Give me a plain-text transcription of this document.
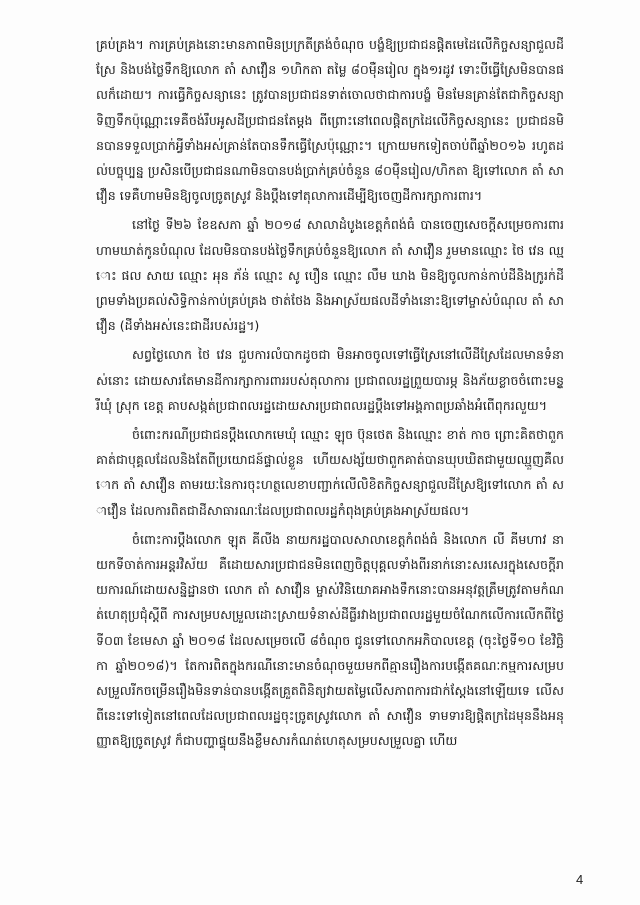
គ្រប់គ្រង។ ការគ្រប់គ្រងនោះមានភាពមិនប្រក្រតីត្រង់ចំណុច បង្ខំឱ្យប្រជាជនផ្តិតមេដៃលើកិច្ចសន្យាជួលដីស្រែ និងបង់ថ្លៃទឹកឱ្យលោក តាំ សាវឿន ១ហិកតា តម្លៃ ៨០ម៉ឺនរៀល ក្នុង១រដូវ ទោះបីធ្វើស្រែមិនបានផលក៏ដោយ។ ការធ្វើកិច្ចសន្យានេះ ត្រូវបានប្រជាជនទាត់ចោលថាជាការបង្ខំ មិនមែនគ្រាន់តែជាកិច្ចសន្យាទិញទឹកប៉ុណ្ណោះទេគឺចង់រឹបអូសដីប្រជាជនតែម្តង ពីព្រោះនៅពេលផ្តិតក្រដៃលើកិច្ចសន្យានេះ ប្រជាជនមិនបានទទួលប្រាក់អ្វីទាំងអស់គ្រាន់តែបានទឹកធ្វើស្រែប៉ុណ្ណោះ។ ក្រោយមកទៀតចាប់ពីឆ្នាំ២០១៦ រហូតដល់បច្ចុប្បន្ន ប្រសិនបើប្រជាជនណាមិនបានបង់ប្រាក់គ្រប់ចំនួន ៨០ម៉ឺនរៀល/ហិកតា ឱ្យទៅលោក តាំ សាវឿន ទេគឺហាមមិនឱ្យចូលច្រូតស្រូវ និងប្តឹងទៅតុលាការដើម្បីឱ្យចេញដីការក្សាការពារ។

នៅថ្ងៃ ទី២៦ ខែឧសភា ឆ្នាំ ២០១៨ សាលាដំបូងខេត្តកំពង់ធំ បានចេញសេចក្តីសម្រេចការពារហាមឃាត់កូនបំណុល ដែលមិនបានបង់ថ្លៃទឹកគ្រប់ចំនួនឱ្យលោក តាំ សាវឿន រួមមានឈ្មោះ ថៃ វេន ឈ្មោះ ផល សាយ ឈ្មោះ អុន ភ័ន់ ឈ្មោះ សូ បឿន ឈ្មោះ លឹម ឃាង មិនឱ្យចូលកាន់កាប់ដីនិងក្រូរក់ដី ព្រមទាំងប្រគល់សិទ្ធិកាន់កាប់គ្រប់គ្រង ថាត់ថែង និងអាស្រ័យផលដីទាំងនោះឱ្យទៅម្ចាស់បំណុល តាំ សាវឿន (ដីទាំងអស់នេះជាដីរបស់រដ្ឋ។)

សព្វថ្ងៃលោក ថៃ វេន ជួបការលំបាកដូចជា មិនអាចចូលទៅធ្វើស្រែនៅលើដីស្រែដែលមានទំនាស់នោះ ដោយសារតែមានដីការក្សាការពាររបស់តុលាការ ប្រជាពលរដ្ឋព្រួយបារម្ភ និងភ័យខ្លាចចំពោះមន្ត្រីឃុំ ស្រុក ខេត្ត គាបសង្កត់ប្រជាពលរដ្ឋដោយសារប្រជាពលរដ្ឋប្តឹងទៅអង្គភាពប្រឆាំងអំពើពុករលួយ។

ចំពោះករណីប្រជាជនប្តឹងលោកមេឃុំ ឈ្មោះ ឡុច ប៊ុនថេត និងឈ្មោះ ខាត់ កាច ព្រោះគិតថាពួកគាត់ជាបុគ្គលដែលនិងតែពីប្រយោជន៍ផ្ទាល់ខ្លួន ហើយសង្ស័យថាពួកគាត់បានឃុបឃិតជាមួយឈ្មួញគឺលោក តាំ សាវឿន តាមរយៈនៃការចុះហត្ថលេខាបញ្ជាក់លើលិខិតកិច្ចសន្យាជួលដីស្រែឱ្យទៅលោក តាំ សាវឿន ដែលការពិតជាដីសាធារណៈដែលប្រជាពលរដ្ឋកំពុងគ្រប់គ្រងអាស្រ័យផល។

ចំពោះការប្តឹងលោក ឡុត គីលីង នាយករដ្ឋបាលសាលាខេត្តកំពង់ធំ និងលោក លី គីមហាវ នាយកទីចាត់ការអន្តរវិស័យ គឺដោយសារប្រជាជនមិនពេញចិត្តបុគ្គលទាំងពីរនាក់នោះសរសេរក្នុងសេចក្តីរាយការណ៍ដោយសន្និដ្ឋានថា លោក តាំ សាវឿន ម្ចាស់វិនិយោគអាងទឹកនោះបានអនុវត្តត្រឹមត្រូវតាមកំណត់ហេតុប្រជុំស្តីពី ការសម្របសម្រួលដោះស្រាយទំនាស់ដីធ្លីរវាងប្រជាពលរដ្ឋមួយចំណែកលើការលើកពីថ្ងៃទី០៣ ខែមេសា ឆ្នាំ ២០១៨ ដែលសម្រេចលើ ៨ចំណុច ជូនទៅលោកអភិបាលខេត្ត (ចុះថ្ងៃទី១០ ខែវិច្ឆិកា ឆ្នាំ២០១៨)។ តែការពិតក្នុងករណីនោះមានចំណុចមួយមកពីគ្មានរឿងការបង្កើតគណៈកម្មការសម្របសម្រួលរីកចម្រើនរឿងមិនទាន់បានបង្កើតគ្រួតពិនិត្យវាយតម្លៃលើសភាពការជាក់ស្តែងនៅឡើយទេ លើសពីនេះទៅទៀតនៅពេលដែលប្រជាពលរដ្ឋចុះច្រូតស្រូវលោក តាំ សាវឿន ទាមទារឱ្យផ្តិតក្រដៃមុននឹងអនុញ្ញាតឱ្យច្រូតស្រូវ ក៏ជាបញ្ហាផ្ទុយនឹងខ្លឹមសារកំណត់ហេតុសម្របសម្រួលគ្នា ហើយ

4
